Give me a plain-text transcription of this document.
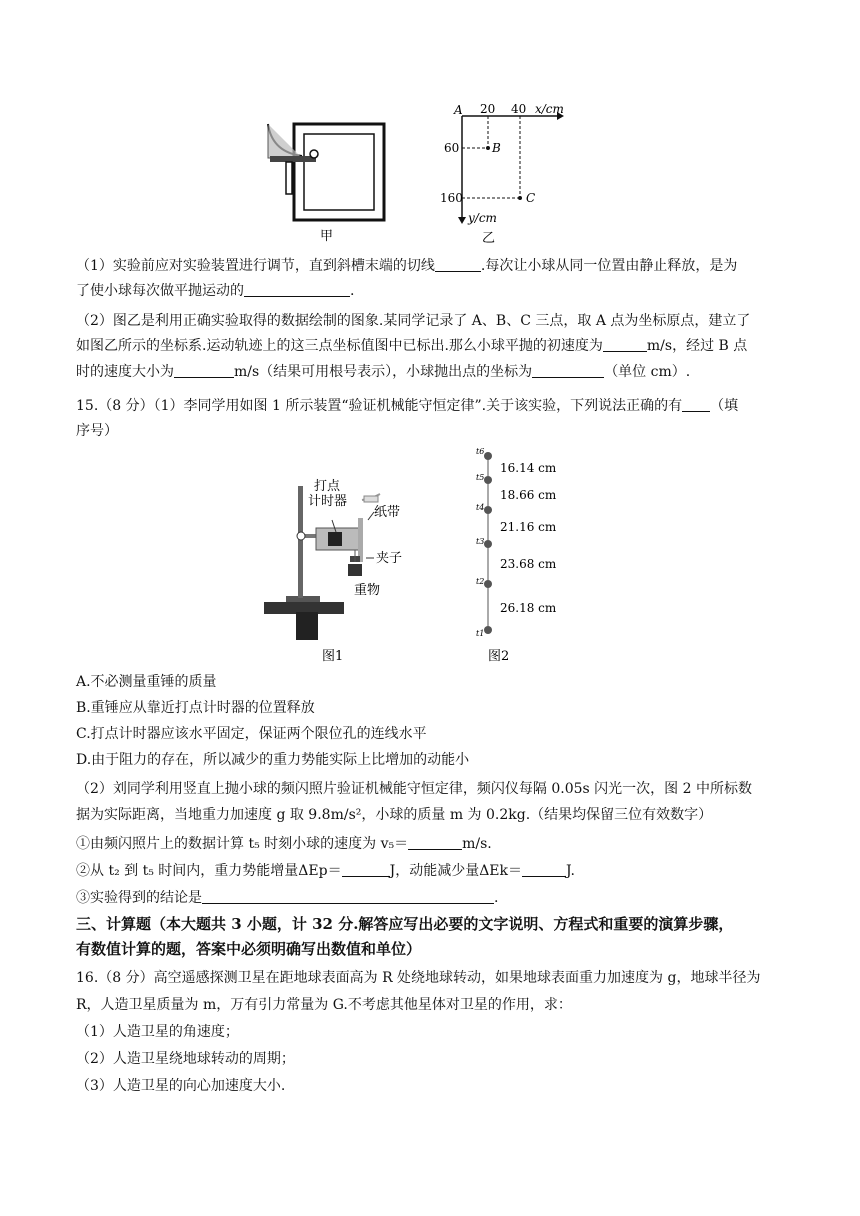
甲
A 20 40 x/cm
60
160
B
C
y/cm
乙
（1）实验前应对实验装置进行调节，直到斜槽末端的切线	.每次让小球从同一位置由静止释放，是为
了使小球每次做平抛运动的	.
（2）图乙是利用正确实验取得的数据绘制的图象.某同学记录了 A、B、C 三点，取 A 点为坐标原点，建立了
如图乙所示的坐标系.运动轨迹上的这三点坐标值图中已标出.那么小球平抛的初速度为	m/s，经过 B 点
时的速度大小为	m/s（结果可用根号表示），小球抛出点的坐标为	（单位 cm）.
15.（8 分）（1）李同学用如图 1 所示装置“验证机械能守恒定律”.关于该实验，下列说法正确的有 （填
序号）
打点
计时器
纸带
夹子
重物
图1
t6
t5
t4
t3
t2
t1
16.14 cm
18.66 cm
21.16 cm
23.68 cm
26.18 cm
图2
A.不必测量重锤的质量
B.重锤应从靠近打点计时器的位置释放
C.打点计时器应该水平固定，保证两个限位孔的连线水平
D.由于阻力的存在，所以减少的重力势能实际上比增加的动能小
（2）刘同学利用竖直上抛小球的频闪照片验证机械能守恒定律，频闪仪每隔 0.05s 闪光一次，图 2 中所标数
据为实际距离，当地重力加速度 g 取 9.8m/s²，小球的质量 m 为 0.2kg.（结果均保留三位有效数字）
①由频闪照片上的数据计算 t₅ 时刻小球的速度为 v₅＝	m/s.
②从 t₂ 到 t₅ 时间内，重力势能增量ΔEp＝	J，动能减少量ΔEk＝	J.
③实验得到的结论是	.
三、计算题（本大题共 3 小题，计 32 分.解答应写出必要的文字说明、方程式和重要的演算步骤，
有数值计算的题，答案中必须明确写出数值和单位）
16.（8 分）高空遥感探测卫星在距地球表面高为 R 处绕地球转动，如果地球表面重力加速度为 g，地球半径为
R，人造卫星质量为 m，万有引力常量为 G.不考虑其他星体对卫星的作用，求：
（1）人造卫星的角速度；
（2）人造卫星绕地球转动的周期；
（3）人造卫星的向心加速度大小.
